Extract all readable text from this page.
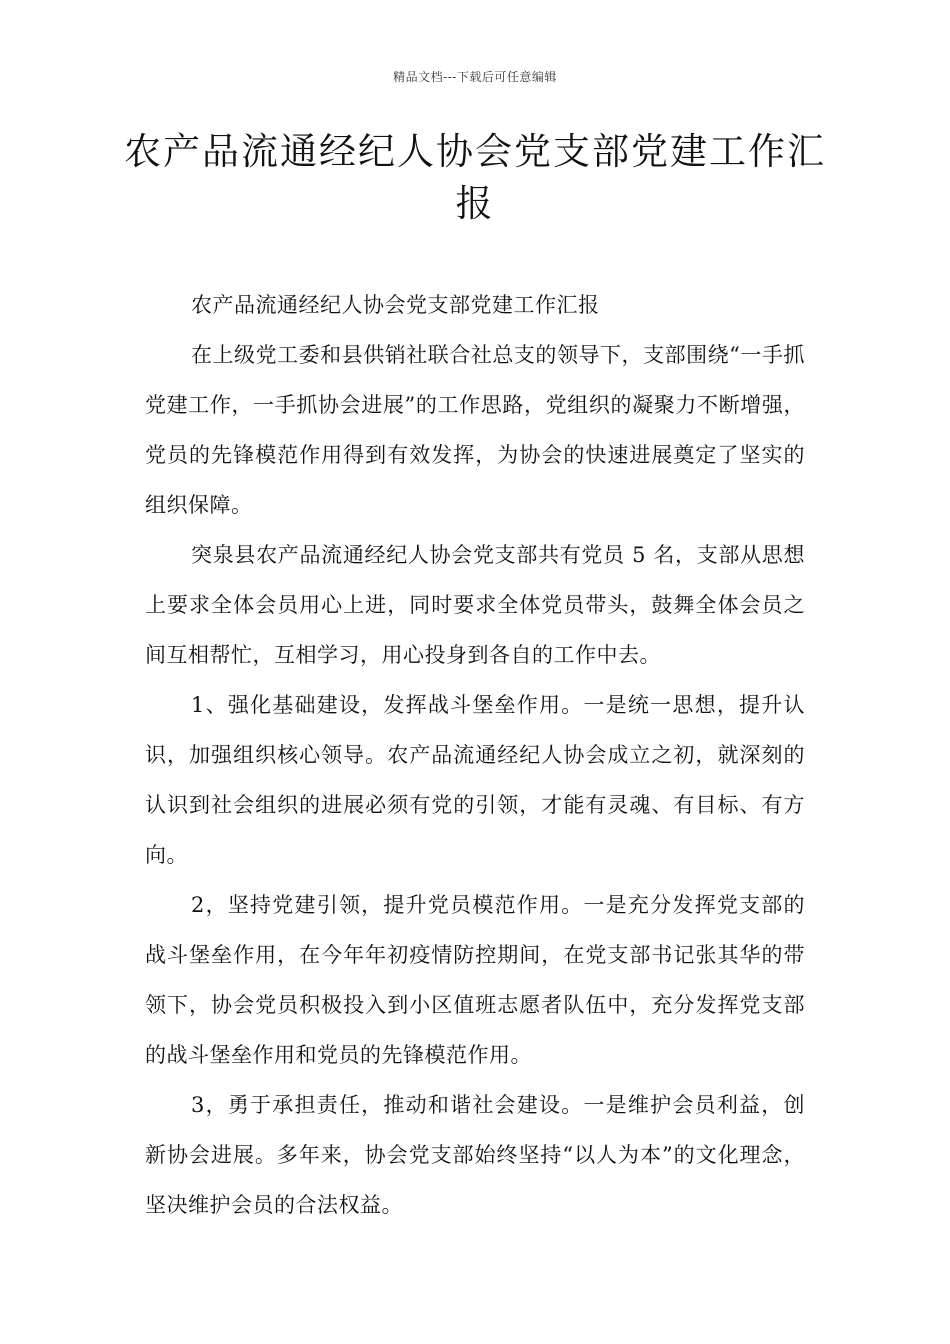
精品文档---下载后可任意编辑
农产品流通经纪人协会党支部党建工作汇报

农产品流通经纪人协会党支部党建工作汇报

在上级党工委和县供销社联合社总支的领导下，支部围绕“一手抓党建工作，一手抓协会进展”的工作思路，党组织的凝聚力不断增强，党员的先锋模范作用得到有效发挥，为协会的快速进展奠定了坚实的组织保障。

突泉县农产品流通经纪人协会党支部共有党员 5 名，支部从思想上要求全体会员用心上进，同时要求全体党员带头，鼓舞全体会员之间互相帮忙，互相学习，用心投身到各自的工作中去。

1、强化基础建设，发挥战斗堡垒作用。一是统一思想，提升认识，加强组织核心领导。农产品流通经纪人协会成立之初，就深刻的认识到社会组织的进展必须有党的引领，才能有灵魂、有目标、有方向。

2，坚持党建引领，提升党员模范作用。一是充分发挥党支部的战斗堡垒作用，在今年年初疫情防控期间，在党支部书记张其华的带领下，协会党员积极投入到小区值班志愿者队伍中，充分发挥党支部的战斗堡垒作用和党员的先锋模范作用。

3，勇于承担责任，推动和谐社会建设。一是维护会员利益，创新协会进展。多年来，协会党支部始终坚持“以人为本”的文化理念，坚决维护会员的合法权益。
